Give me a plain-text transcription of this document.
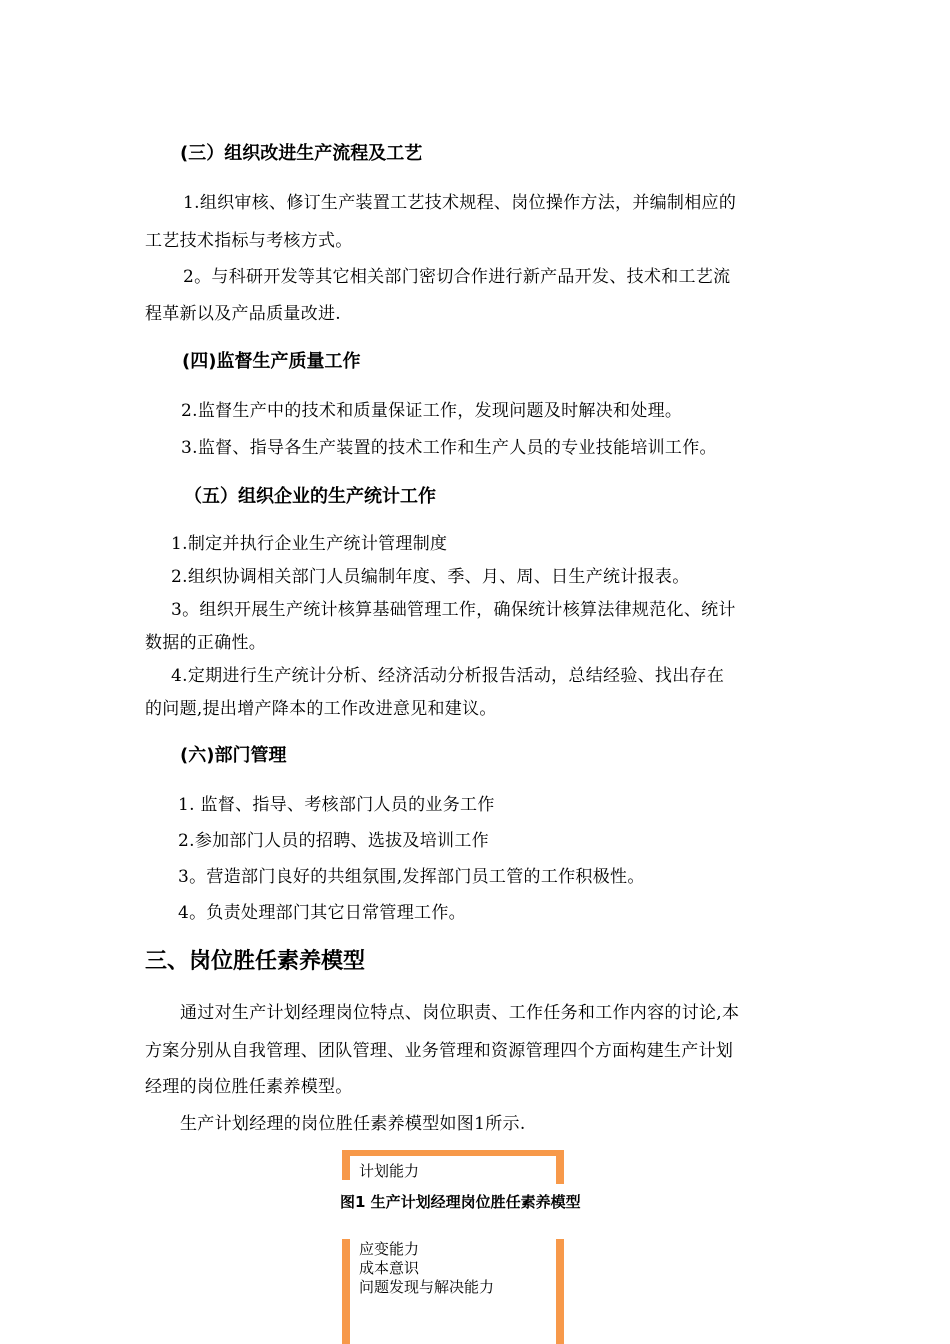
(三）组织改进生产流程及工艺
1.组织审核、修订生产装置工艺技术规程、岗位操作方法，并编制相应的
工艺技术指标与考核方式。
2。与科研开发等其它相关部门密切合作进行新产品开发、技术和工艺流
程革新以及产品质量改进.
(四)监督生产质量工作
2.监督生产中的技术和质量保证工作，发现问题及时解决和处理。
3.监督、指导各生产装置的技术工作和生产人员的专业技能培训工作。
（五）组织企业的生产统计工作
1.制定并执行企业生产统计管理制度
2.组织协调相关部门人员编制年度、季、月、周、日生产统计报表。
3。组织开展生产统计核算基础管理工作，确保统计核算法律规范化、统计
数据的正确性。
4.定期进行生产统计分析、经济活动分析报告活动，总结经验、找出存在
的问题,提出增产降本的工作改进意见和建议。
(六)部门管理
1. 监督、指导、考核部门人员的业务工作
2.参加部门人员的招聘、选拔及培训工作
3。营造部门良好的共组氛围,发挥部门员工管的工作积极性。
4。负责处理部门其它日常管理工作。
三、岗位胜任素养模型
通过对生产计划经理岗位特点、岗位职责、工作任务和工作内容的讨论,本
方案分别从自我管理、团队管理、业务管理和资源管理四个方面构建生产计划
经理的岗位胜任素养模型。
生产计划经理的岗位胜任素养模型如图1所示.
计划能力
图1 生产计划经理岗位胜任素养模型
应变能力
成本意识
问题发现与解决能力
